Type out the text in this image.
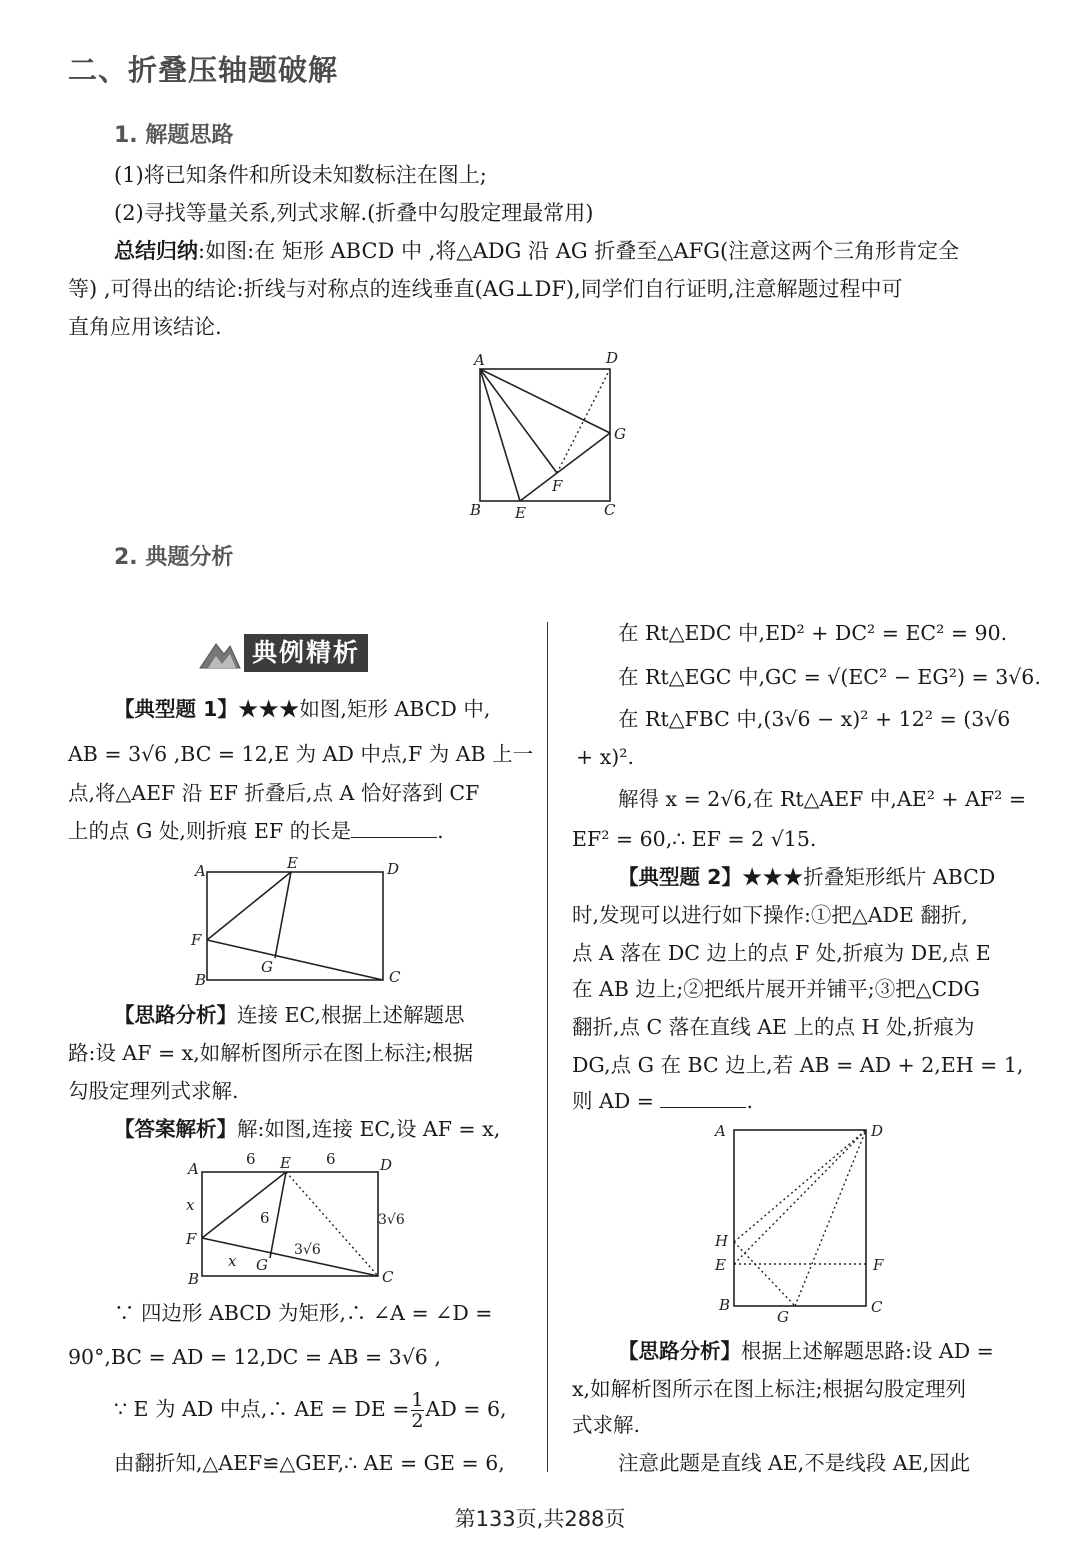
二、折叠压轴题破解
1. 解题思路
(1)将已知条件和所设未知数标注在图上;
(2)寻找等量关系,列式求解.(折叠中勾股定理最常用)
总结归纳:如图:在 矩形 ABCD 中 ,将△ADG 沿 AG 折叠至△AFG(注意这两个三角形肯定全
等) ,可得出的结论:折线与对称点的连线垂直(AG⊥DF),同学们自行证明,注意解题过程中可
直角应用该结论.
A	D
G
F
B E	C
2. 典题分析
典例精析
【典型题 1】★★★如图,矩形 ABCD 中,
AB = 3√6 ,BC = 12,E 为 AD 中点,F 为 AB 上一
点,将△AEF 沿 EF 折叠后,点 A 恰好落到 CF
上的点 G 处,则折痕 EF 的长是	.
A	E	D
F
G
B	C
【思路分析】连接 EC,根据上述解题思
路:设 AF = x,如解析图所示在图上标注;根据
勾股定理列式求解.
【答案解析】解:如图,连接 EC,设 AF = x,
A
6 E 6	D
x
6	3√6
3√6
F
x G
B	C
∵ 四边形 ABCD 为矩形,∴ ∠A = ∠D =
90°,BC = AD = 12,DC = AB = 3√6 ,
∵ E 为 AD 中点,∴ AE = DE = $\frac{1}{2}$ AD = 6,
由翻折知,△AEF≌△GEF,∴ AE = GE = 6,
在 Rt△EDC 中,ED² + DC² = EC² = 90.
在 Rt△EGC 中,GC = √(EC² − EG²) = 3√6.
在 Rt△FBC 中,(3√6 − x)² + 12² = (3√6
+ x)².
解得 x = 2√6,在 Rt△AEF 中,AE² + AF² =
EF² = 60,∴ EF = 2 √15.
【典型题 2】★★★折叠矩形纸片 ABCD
时,发现可以进行如下操作:①把△ADE 翻折,
点 A 落在 DC 边上的点 F 处,折痕为 DE,点 E
在 AB 边上;②把纸片展开并铺平;③把△CDG
翻折,点 C 落在直线 AE 上的点 H 处,折痕为
DG,点 G 在 BC 边上,若 AB = AD + 2,EH = 1,
则 AD =	.
A	D
H
E	F
B
G
C
【思路分析】根据上述解题思路:设 AD =
x,如解析图所示在图上标注;根据勾股定理列
式求解.
注意此题是直线 AE,不是线段 AE,因此
第133页,共288页
